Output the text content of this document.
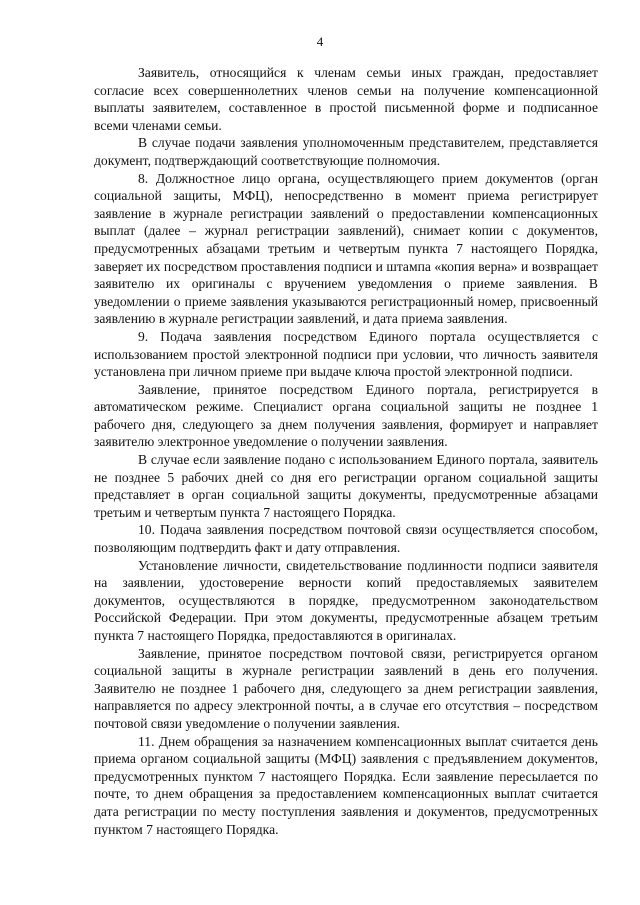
4

Заявитель, относящийся к членам семьи иных граждан, предоставляет согласие всех совершеннолетних членов семьи на получение компенсационной выплаты заявителем, составленное в простой письменной форме и подписанное всеми членами семьи.

В случае подачи заявления уполномоченным представителем, представляется документ, подтверждающий соответствующие полномочия.

8. Должностное лицо органа, осуществляющего прием документов (орган социальной защиты, МФЦ), непосредственно в момент приема регистрирует заявление в журнале регистрации заявлений о предоставлении компенсационных выплат (далее – журнал регистрации заявлений), снимает копии с документов, предусмотренных абзацами третьим и четвертым пункта 7 настоящего Порядка, заверяет их посредством проставления подписи и штампа «копия верна» и возвращает заявителю их оригиналы с вручением уведомления о приеме заявления. В уведомлении о приеме заявления указываются регистрационный номер, присвоенный заявлению в журнале регистрации заявлений, и дата приема заявления.

9. Подача заявления посредством Единого портала осуществляется с использованием простой электронной подписи при условии, что личность заявителя установлена при личном приеме при выдаче ключа простой электронной подписи.

Заявление, принятое посредством Единого портала, регистрируется в автоматическом режиме. Специалист органа социальной защиты не позднее 1 рабочего дня, следующего за днем получения заявления, формирует и направляет заявителю электронное уведомление о получении заявления.

В случае если заявление подано с использованием Единого портала, заявитель не позднее 5 рабочих дней со дня его регистрации органом социальной защиты представляет в орган социальной защиты документы, предусмотренные абзацами третьим и четвертым пункта 7 настоящего Порядка.

10. Подача заявления посредством почтовой связи осуществляется способом, позволяющим подтвердить факт и дату отправления.

Установление личности, свидетельствование подлинности подписи заявителя на заявлении, удостоверение верности копий предоставляемых заявителем документов, осуществляются в порядке, предусмотренном законодательством Российской Федерации. При этом документы, предусмотренные абзацем третьим пункта 7 настоящего Порядка, предоставляются в оригиналах.

Заявление, принятое посредством почтовой связи, регистрируется органом социальной защиты в журнале регистрации заявлений в день его получения. Заявителю не позднее 1 рабочего дня, следующего за днем регистрации заявления, направляется по адресу электронной почты, а в случае его отсутствия – посредством почтовой связи уведомление о получении заявления.

11. Днем обращения за назначением компенсационных выплат считается день приема органом социальной защиты (МФЦ) заявления с предъявлением документов, предусмотренных пунктом 7 настоящего Порядка. Если заявление пересылается по почте, то днем обращения за предоставлением компенсационных выплат считается дата регистрации по месту поступления заявления и документов, предусмотренных пунктом 7 настоящего Порядка.
